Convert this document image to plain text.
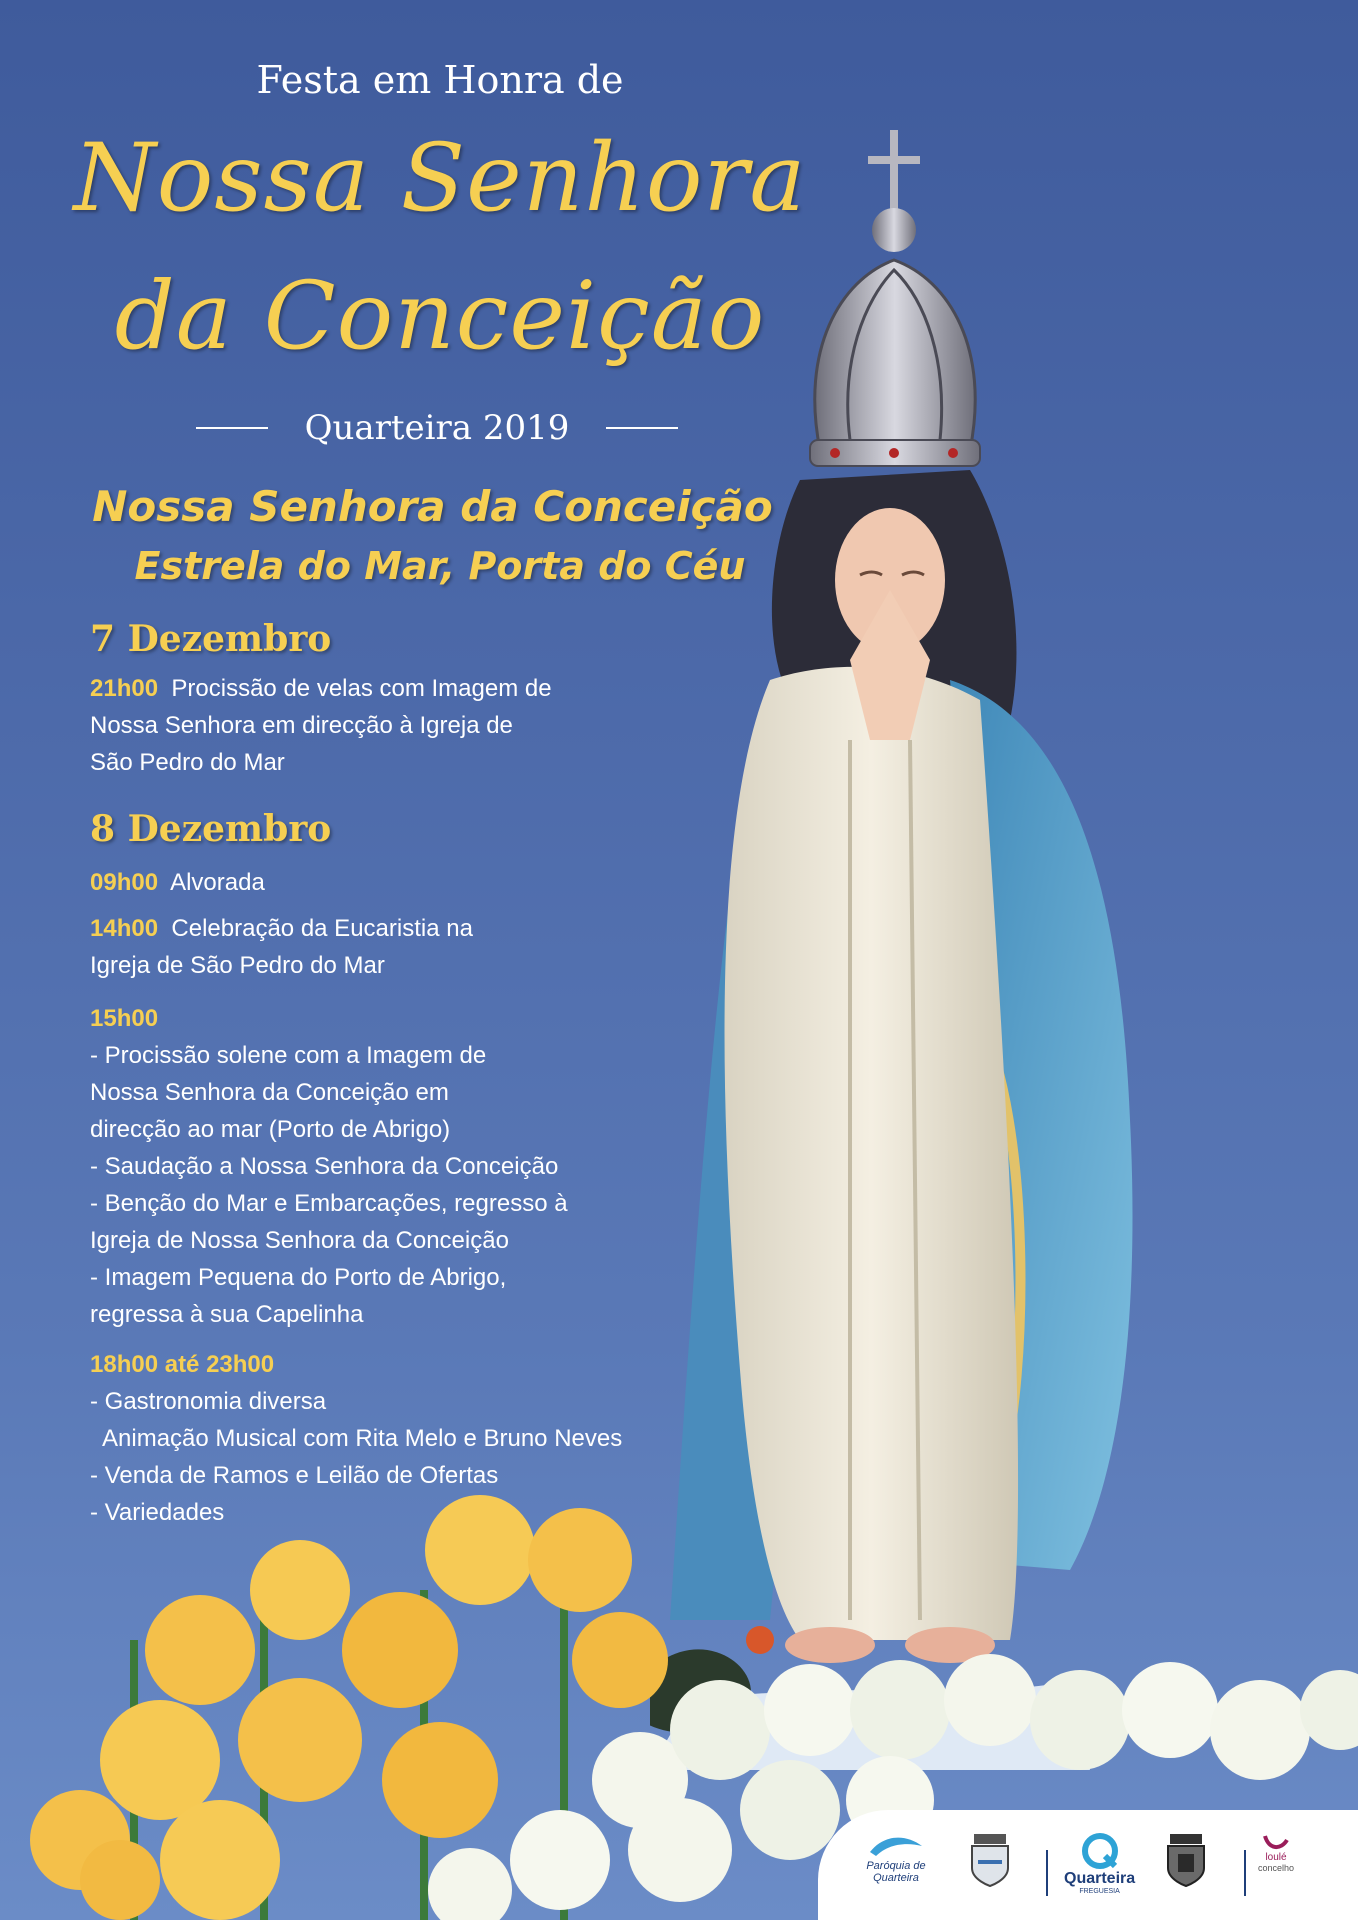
Festa em Honra de
Nossa Senhora
da Conceição
Quarteira 2019
Nossa Senhora da Conceição
Estrela do Mar, Porta do Céu
7 Dezembro
21h00 Procissão de velas com Imagem de
Nossa Senhora em direcção à Igreja de
São Pedro do Mar
8 Dezembro
09h00 Alvorada
14h00 Celebração da Eucaristia na
Igreja de São Pedro do Mar
15h00
- Procissão solene com a Imagem de
Nossa Senhora da Conceição em
direcção ao mar (Porto de Abrigo)
- Saudação a Nossa Senhora da Conceição
- Benção do Mar e Embarcações, regresso à
Igreja de Nossa Senhora da Conceição
- Imagem Pequena do Porto de Abrigo,
regressa à sua Capelinha
18h00 até 23h00
- Gastronomia diversa
Animação Musical com Rita Melo e Bruno Neves
- Venda de Ramos e Leilão de Ofertas
- Variedades
Paróquia de
Quarteira	Quarteira
FREGUESIA
loulé
concelho
